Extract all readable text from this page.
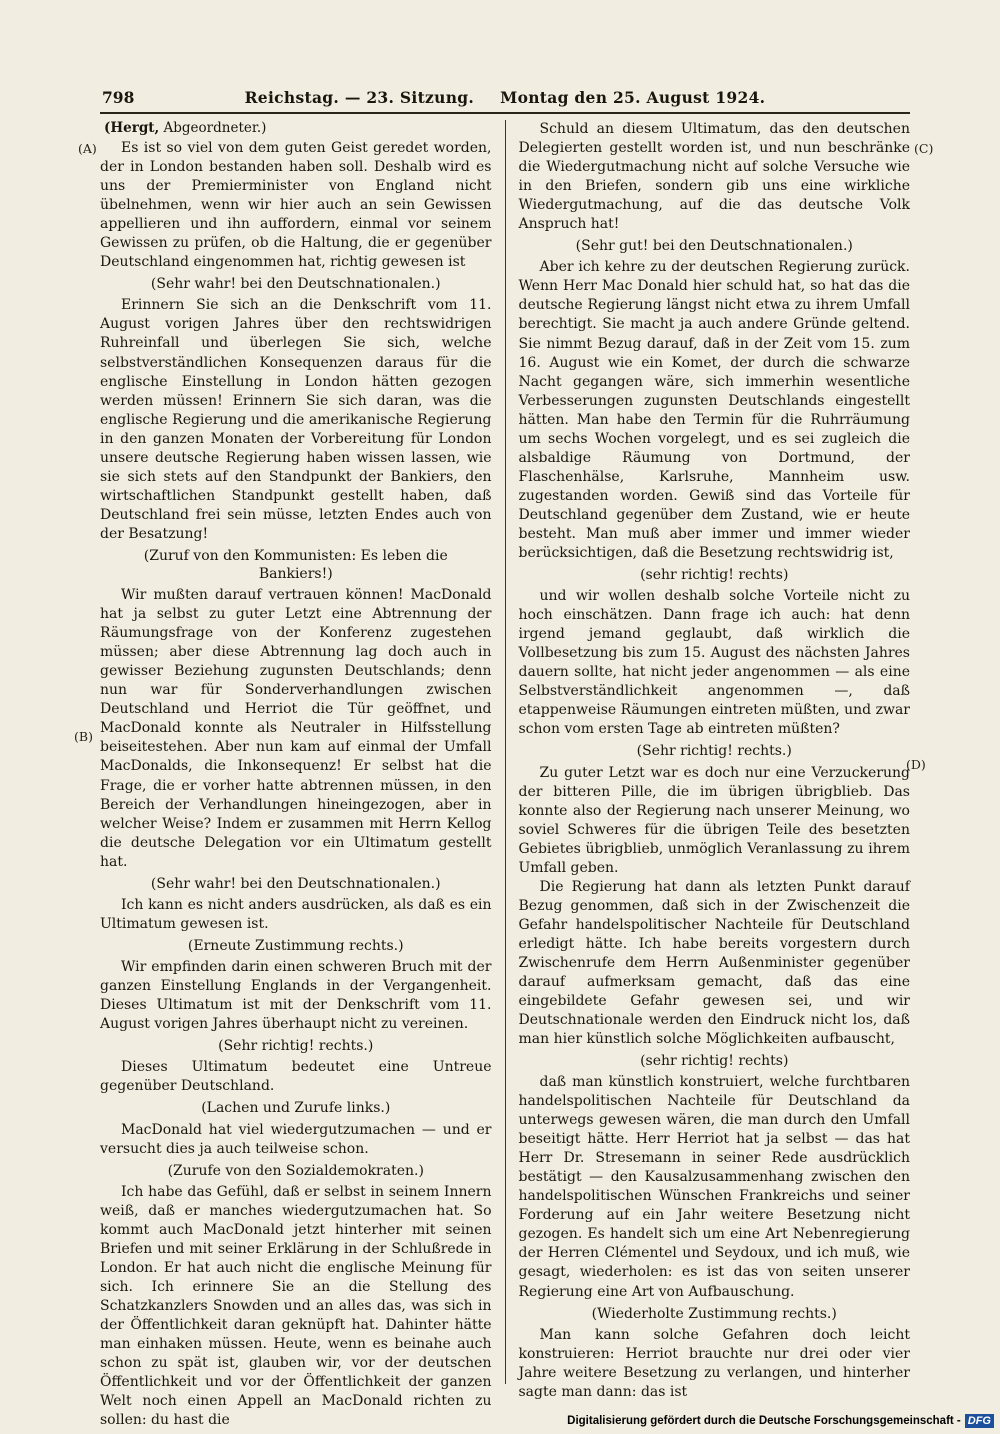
798	Reichstag. — 23. Sitzung. Montag den 25. August 1924.
(A)
(B)
(C)
(D)

(Hergt, Abgeordneter.)

Es ist so viel von dem guten Geist geredet worden, der in London bestanden haben soll. Deshalb wird es uns der Premierminister von England nicht übelnehmen, wenn wir hier auch an sein Gewissen appellieren und ihn auffordern, einmal vor seinem Gewissen zu prüfen, ob die Haltung, die er gegenüber Deutschland eingenommen hat, richtig gewesen ist

(Sehr wahr! bei den Deutschnationalen.)

Erinnern Sie sich an die Denkschrift vom 11. August vorigen Jahres über den rechtswidrigen Ruhreinfall und überlegen Sie sich, welche selbstverständlichen Konsequenzen daraus für die englische Einstellung in London hätten gezogen werden müssen! Erinnern Sie sich daran, was die englische Regierung und die amerikanische Regierung in den ganzen Monaten der Vorbereitung für London unsere deutsche Regierung haben wissen lassen, wie sie sich stets auf den Standpunkt der Bankiers, den wirtschaftlichen Standpunkt gestellt haben, daß Deutschland frei sein müsse, letzten Endes auch von der Besatzung!

(Zuruf von den Kommunisten: Es leben die Bankiers!)

Wir mußten darauf vertrauen können! MacDonald hat ja selbst zu guter Letzt eine Abtrennung der Räumungsfrage von der Konferenz zugestehen müssen; aber diese Abtrennung lag doch auch in gewisser Beziehung zugunsten Deutschlands; denn nun war für Sonderverhandlungen zwischen Deutschland und Herriot die Tür geöffnet, und MacDonald konnte als Neutraler in Hilfsstellung beiseitestehen. Aber nun kam auf einmal der Umfall MacDonalds, die Inkonsequenz! Er selbst hat die Frage, die er vorher hatte abtrennen müssen, in den Bereich der Verhandlungen hineingezogen, aber in welcher Weise? Indem er zusammen mit Herrn Kellog die deutsche Delegation vor ein Ultimatum gestellt hat.

(Sehr wahr! bei den Deutschnationalen.)

Ich kann es nicht anders ausdrücken, als daß es ein Ultimatum gewesen ist.

(Erneute Zustimmung rechts.)

Wir empfinden darin einen schweren Bruch mit der ganzen Einstellung Englands in der Vergangenheit. Dieses Ultimatum ist mit der Denkschrift vom 11. August vorigen Jahres überhaupt nicht zu vereinen.

(Sehr richtig! rechts.)

Dieses Ultimatum bedeutet eine Untreue gegenüber Deutschland.

(Lachen und Zurufe links.)

MacDonald hat viel wiedergutzumachen — und er versucht dies ja auch teilweise schon.

(Zurufe von den Sozialdemokraten.)

Ich habe das Gefühl, daß er selbst in seinem Innern weiß, daß er manches wiedergutzumachen hat. So kommt auch MacDonald jetzt hinterher mit seinen Briefen und mit seiner Erklärung in der Schlußrede in London. Er hat auch nicht die englische Meinung für sich. Ich erinnere Sie an die Stellung des Schatzkanzlers Snowden und an alles das, was sich in der Öffentlichkeit daran geknüpft hat. Dahinter hätte man einhaken müssen. Heute, wenn es beinahe auch schon zu spät ist, glauben wir, vor der deutschen Öffentlichkeit und vor der Öffentlichkeit der ganzen Welt noch einen Appell an MacDonald richten zu sollen: du hast die

Schuld an diesem Ultimatum, das den deutschen Delegierten gestellt worden ist, und nun beschränke die Wiedergutmachung nicht auf solche Versuche wie in den Briefen, sondern gib uns eine wirkliche Wiedergutmachung, auf die das deutsche Volk Anspruch hat!

(Sehr gut! bei den Deutschnationalen.)

Aber ich kehre zu der deutschen Regierung zurück. Wenn Herr Mac Donald hier schuld hat, so hat das die deutsche Regierung längst nicht etwa zu ihrem Umfall berechtigt. Sie macht ja auch andere Gründe geltend. Sie nimmt Bezug darauf, daß in der Zeit vom 15. zum 16. August wie ein Komet, der durch die schwarze Nacht gegangen wäre, sich immerhin wesentliche Verbesserungen zugunsten Deutschlands eingestellt hätten. Man habe den Termin für die Ruhrräumung um sechs Wochen vorgelegt, und es sei zugleich die alsbaldige Räumung von Dortmund, der Flaschenhälse, Karlsruhe, Mannheim usw. zugestanden worden. Gewiß sind das Vorteile für Deutschland gegenüber dem Zustand, wie er heute besteht. Man muß aber immer und immer wieder berücksichtigen, daß die Besetzung rechtswidrig ist,

(sehr richtig! rechts)

und wir wollen deshalb solche Vorteile nicht zu hoch einschätzen. Dann frage ich auch: hat denn irgend jemand geglaubt, daß wirklich die Vollbesetzung bis zum 15. August des nächsten Jahres dauern sollte, hat nicht jeder angenommen — als eine Selbstverständlichkeit angenommen —, daß etappenweise Räumungen eintreten müßten, und zwar schon vom ersten Tage ab eintreten müßten?

(Sehr richtig! rechts.)

Zu guter Letzt war es doch nur eine Verzuckerung der bitteren Pille, die im übrigen übrigblieb. Das konnte also der Regierung nach unserer Meinung, wo soviel Schweres für die übrigen Teile des besetzten Gebietes übrigblieb, unmöglich Veranlassung zu ihrem Umfall geben.

Die Regierung hat dann als letzten Punkt darauf Bezug genommen, daß sich in der Zwischenzeit die Gefahr handelspolitischer Nachteile für Deutschland erledigt hätte. Ich habe bereits vorgestern durch Zwischenrufe dem Herrn Außenminister gegenüber darauf aufmerksam gemacht, daß das eine eingebildete Gefahr gewesen sei, und wir Deutschnationale werden den Eindruck nicht los, daß man hier künstlich solche Möglichkeiten aufbauscht,

(sehr richtig! rechts)

daß man künstlich konstruiert, welche furchtbaren handelspolitischen Nachteile für Deutschland da unterwegs gewesen wären, die man durch den Umfall beseitigt hätte. Herr Herriot hat ja selbst — das hat Herr Dr. Stresemann in seiner Rede ausdrücklich bestätigt — den Kausalzusammenhang zwischen den handelspolitischen Wünschen Frankreichs und seiner Forderung auf ein Jahr weitere Besetzung nicht gezogen. Es handelt sich um eine Art Nebenregierung der Herren Clémentel und Seydoux, und ich muß, wie gesagt, wiederholen: es ist das von seiten unserer Regierung eine Art von Aufbauschung.

(Wiederholte Zustimmung rechts.)

Man kann solche Gefahren doch leicht konstruieren: Herriot brauchte nur drei oder vier Jahre weitere Besetzung zu verlangen, und hinterher sagte man dann: das ist

Digitalisierung gefördert durch die Deutsche Forschungsgemeinschaft - DFG
